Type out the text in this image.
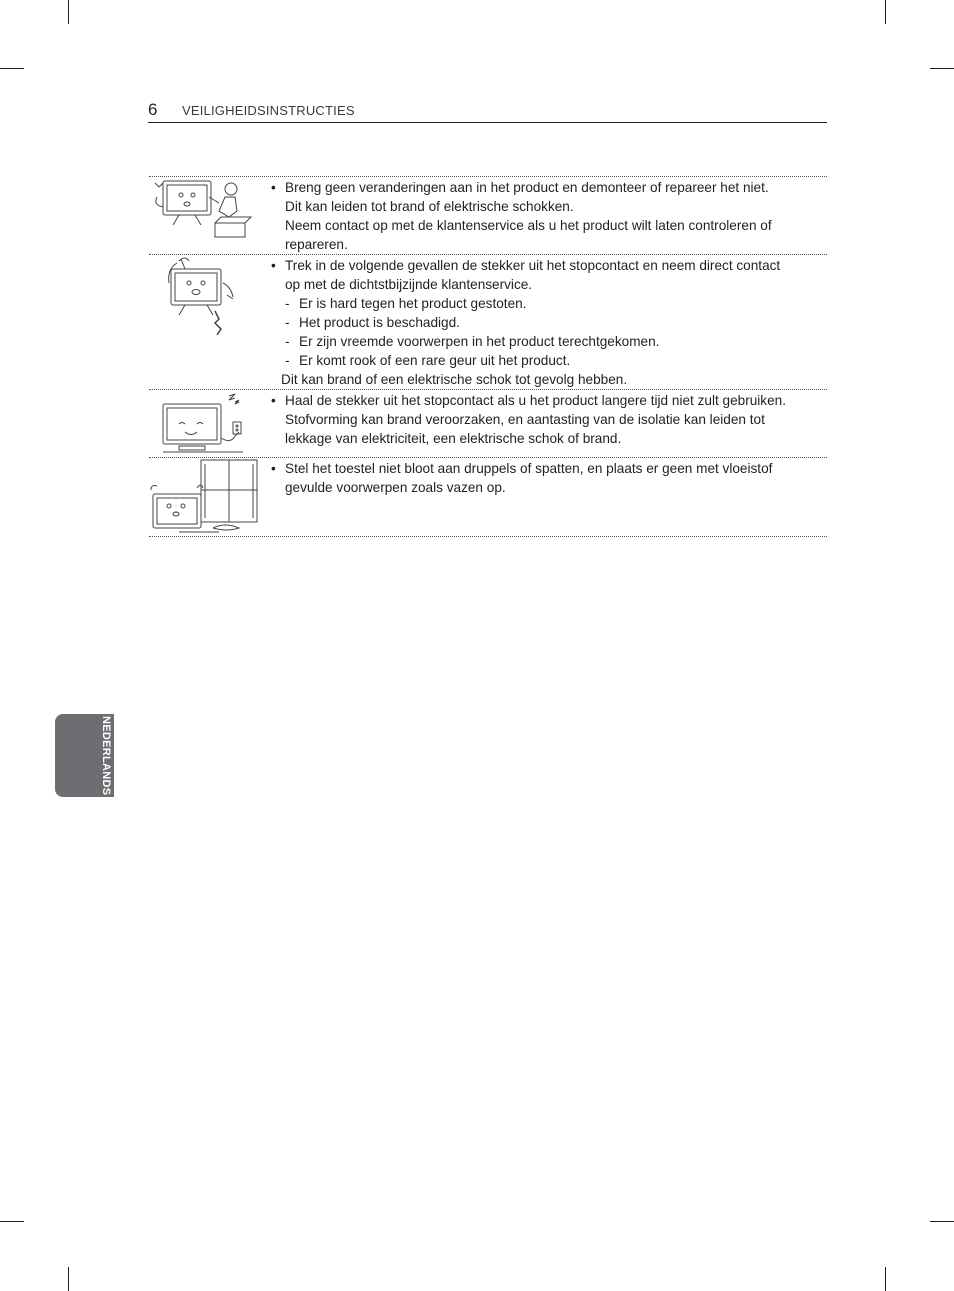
6 VEILIGHEIDSINSTRUCTIES
• Breng geen veranderingen aan in het product en demonteer of repareer het niet.
Dit kan leiden tot brand of elektrische schokken.
Neem contact op met de klantenservice als u het product wilt laten controleren of
repareren.
• Trek in de volgende gevallen de stekker uit het stopcontact en neem direct contact
op met de dichtstbijzijnde klantenservice.
- Er is hard tegen het product gestoten.
- Het product is beschadigd.
- Er zijn vreemde voorwerpen in het product terechtgekomen.
- Er komt rook of een rare geur uit het product.
Dit kan brand of een elektrische schok tot gevolg hebben.
• Haal de stekker uit het stopcontact als u het product langere tijd niet zult gebruiken.
Stofvorming kan brand veroorzaken, en aantasting van de isolatie kan leiden tot
lekkage van elektriciteit, een elektrische schok of brand.
• Stel het toestel niet bloot aan druppels of spatten, en plaats er geen met vloeistof
gevulde voorwerpen zoals vazen op.
NEDERLANDS
